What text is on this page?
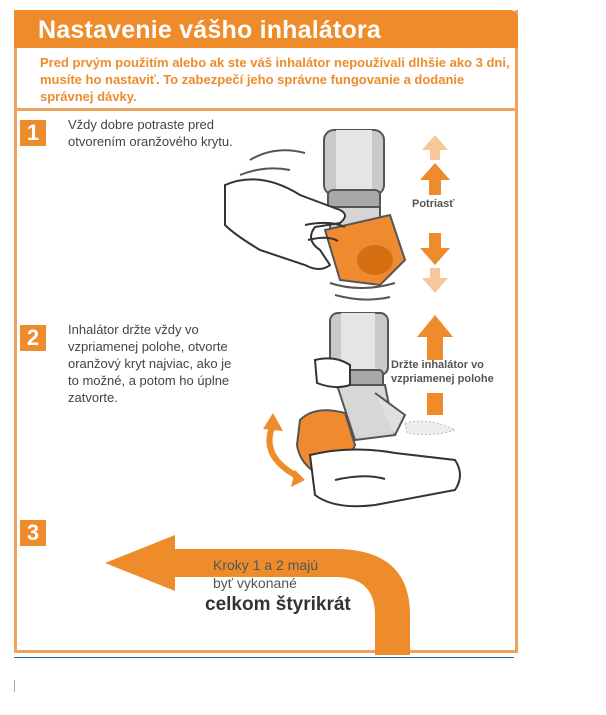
Nastavenie vášho inhalátora
Pred prvým použitím alebo ak ste váš inhalátor nepoužívali dlhšie ako 3 dni, musíte ho nastaviť. To zabezpečí jeho správne fungovanie a dodanie správnej dávky.
1	Vždy dobre potraste pred otvorením oranžového krytu.
Potriasť
2	Inhalátor držte vždy vo vzpriamenej polohe, otvorte oranžový kryt najviac, ako je to možné, a potom ho úplne zatvorte.
Držte inhalátor vo
vzpriamenej polohe
3
Kroky 1 a 2 majú
byť vykonané
celkom štyrikrát
